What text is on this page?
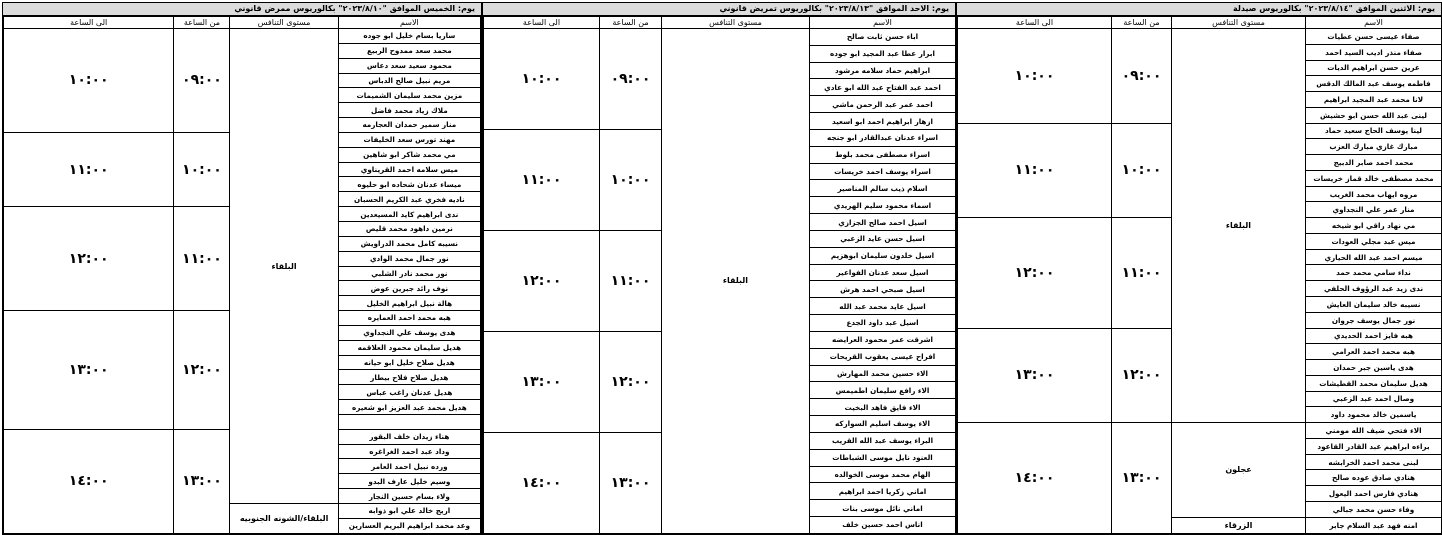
يوم: الخميس الموافق "٢٠٢٣/٨/١٠" بكالوريوس ممرض قانوني
الاسم	مستوى التنافس	من الساعة	الى الساعة
ساريا بسام خليل ابو جوده	البلقاء	٠٩:٠٠	١٠:٠٠
محمد سعد ممدوح الربيع			
محمود سعيد سعد دعاس			
مريم نبيل صالح الدباس			
مزين محمد سليمان الشميمات			
ملاك زياد محمد فاضل			
منار سمير حمدان العجارمه			
مهند تورس سعد الخليفات		١٠:٠٠	١١:٠٠
مي محمد شاكر ابو شاهين			
ميس سلامه احمد القريناوي			
ميساء عدنان شحاده ابو حليوه			
ناديه فخري عبد الكريم الحسبان			
ندى ابراهيم كايد المسيعدين		١١:٠٠	١٢:٠٠
نرمين داهود محمد قليص			
نسيبه كامل محمد الدراويش			
نور جمال محمد الوادي			
نور محمد نادر الشلبي			
نوف رائد جبرين عوض			
هالة نبيل ابراهيم الخليل			
هبه محمد احمد العمايره		١٢:٠٠	١٣:٠٠
هدى يوسف علي النجداوي			
هديل سليمان محمود العلاقمه			
هديل صلاح خليل ابو حيانه			
هديل صلاح فلاح بيطار			
هديل عدنان راغب عباس			
هديل محمد عبد العزيز ابو شعيره			

هناء زيدان خلف البقور		١٣:٠٠	١٤:٠٠
وداد عبد احمد الغراغره			
ورده نبيل احمد العامر			
وسيم خليل عارف البدو			
ولاء بسام حسين النجار			
اريج خالد علي ابو ذوابه	البلقاء/الشونه الجنوبيه		
وعد محمد ابراهيم البريم العسارين			
يوم: الاحد الموافق "٢٠٢٣/٨/١٣" بكالوريوس تمريض قانوني
الاسم	مستوى التنافس	من الساعة	الى الساعة
اباء حسن ثابت صالح	البلقاء	٠٩:٠٠	١٠:٠٠
ابرار عطا عبد المجيد ابو جوده			
ابراهيم حماد سلامه مرشود			
احمد عبد الفتاح عبد الله ابو عادي			
احمد عمر عبد الرحمن ماشي			
ازهار ابراهيم احمد ابو اسعيد			
اسراء عدنان عبدالقادر ابو جنجه		١٠:٠٠	١١:٠٠
اسراء مصطفى محمد بلوط			
اسراء يوسف احمد خريسات			
اسلام ذيب سالم المناصير			
اسماء محمود سليم الهريدي			
اسيل احمد صالح الجزازي			
اسيل حسن عايد الزعبي		١١:٠٠	١٢:٠٠
اسيل خلدون سليمان ابوهزيم			
اسيل سعد عدنان الفواعير			
اسيل صبحي احمد هرش			
اسيل عايد محمد عبد الله			
اسيل عبد داود الجدع			
اشرقت عمر محمود العرايضه		١٢:٠٠	١٣:٠٠
افراح عيسى يعقوب القريحات			
الاء حسين محمد المهارش			
الاء رافع سليمان اطميمس			
الاء فايق فاهد البخيت			
الاء يوسف اسليم السواركه			
البراء يوسف عبد الله القريب		١٣:٠٠	١٤:٠٠
العنود نايل موسى الشباطات			
الهام محمد موسى الخوالده			
اماني زكريا احمد ابراهيم			
اماني نائل موسى بنات			
اناس احمد حسين خلف			
يوم: الاثنين الموافق "٢٠٢٣/٨/١٤" بكالوريوس صيدلة
الاسم	مستوى التنافس	من الساعة	الى الساعة
صفاء عيسى حسن عطيات	البلقاء	٠٩:٠٠	١٠:٠٠
صفاء منذر اديب السيد احمد			
عرين حسن ابراهيم الديات			
فاطمه يوسف عبد المالك الدقس			
لانا محمد عبد المجيد ابراهيم			
لينى عبد الله حسن ابو حشيش			
لينا يوسف الحاج سعيد حماد		١٠:٠٠	١١:٠٠
مبارك غازي مبارك العزب			
محمد احمد صابر الدبيج			
محمد مصطفى خالد قماز خريسات			
مروه ايهاب محمد الغريب			
منار عمر علي النجداوي			
مي نهاد راقي ابو شيخه		١١:٠٠	١٢:٠٠
ميس عبد مجلي العودات			
ميسم احمد عبد الله الحياري			
نداء سامي محمد حمد			
ندى زيد عبد الرؤوف الحلفي			
نسيبه خالد سليمان العايش			
نور جمال يوسف جروان			
هبه فايز احمد الحديدي		١٢:٠٠	١٣:٠٠
هبه محمد احمد العرامي			
هدى ياسين جبر حمدان			
هديل سليمان محمد القطيشات			
وصال احمد عبد الزعبي			
ياسمين خالد محمود داود			
الاء فتحي ضيف الله مومني	عجلون	١٣:٠٠	١٤:٠٠
براءه ابراهيم عبد القادر القاعود			
لبنى محمد احمد الخرابشه			
هنادي صادق عوده صالح			
هنادي فارس احمد اليعول			
وفاء حسن محمد جبالي			
امنه فهد عبد السلام جابر	الزرقاء		
